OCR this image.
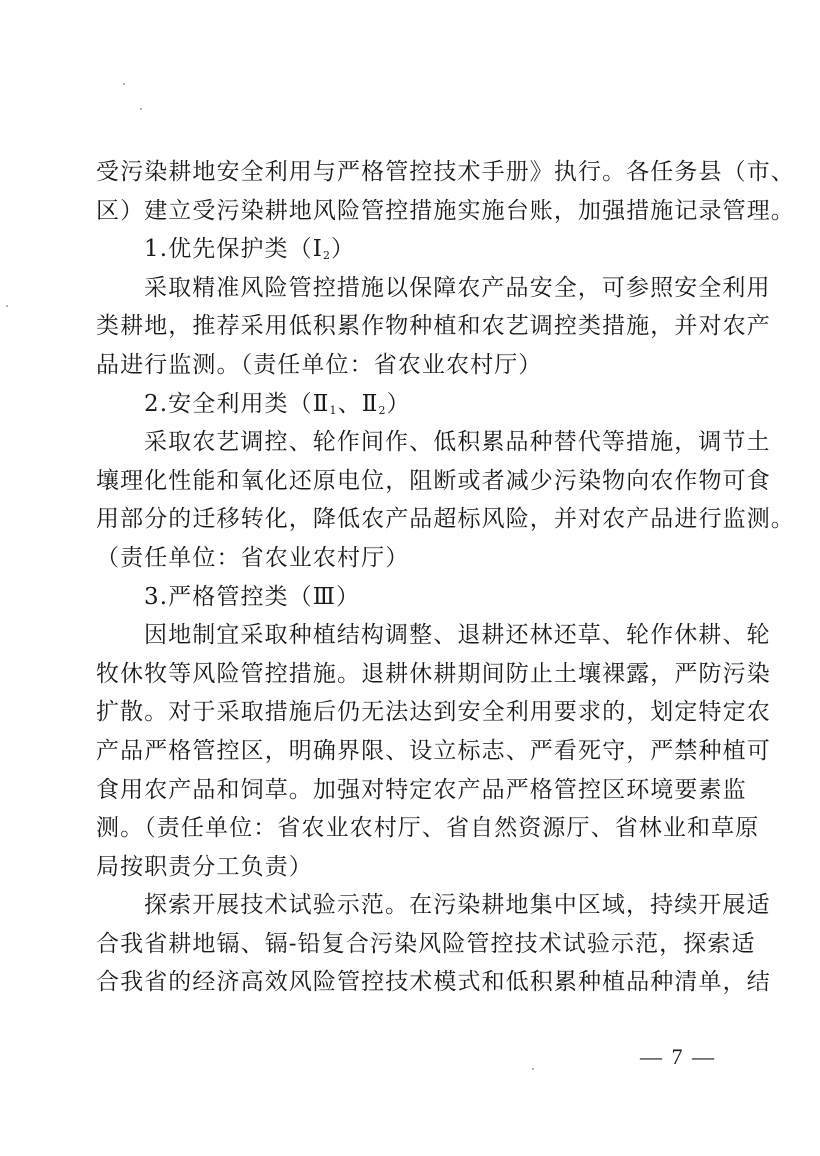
受污染耕地安全利用与严格管控技术手册》执行。各任务县（市、
区）建立受污染耕地风险管控措施实施台账，加强措施记录管理。
1.优先保护类$(Ⅰ_2)$
采取精准风险管控措施以保障农产品安全，可参照安全利用
类耕地，推荐采用低积累作物种植和农艺调控类措施，并对农产
品进行监测。（责任单位：省农业农村厅）
2.安全利用类（$Ⅱ_1$、$Ⅱ_2$）
采取农艺调控、轮作间作、低积累品种替代等措施，调节土
壤理化性能和氧化还原电位，阻断或者减少污染物向农作物可食
用部分的迁移转化，降低农产品超标风险，并对农产品进行监测。
（责任单位：省农业农村厅）
3.严格管控类（Ⅲ）
因地制宜采取种植结构调整、退耕还林还草、轮作休耕、轮
牧休牧等风险管控措施。退耕休耕期间防止土壤裸露，严防污染
扩散。对于采取措施后仍无法达到安全利用要求的，划定特定农
产品严格管控区，明确界限、设立标志、严看死守，严禁种植可
食用农产品和饲草。加强对特定农产品严格管控区环境要素监
测。（责任单位：省农业农村厅、省自然资源厅、省林业和草原
局按职责分工负责）
探索开展技术试验示范。在污染耕地集中区域，持续开展适
合我省耕地镉、镉-铅复合污染风险管控技术试验示范，探索适
合我省的经济高效风险管控技术模式和低积累种植品种清单，结
— 7 —
